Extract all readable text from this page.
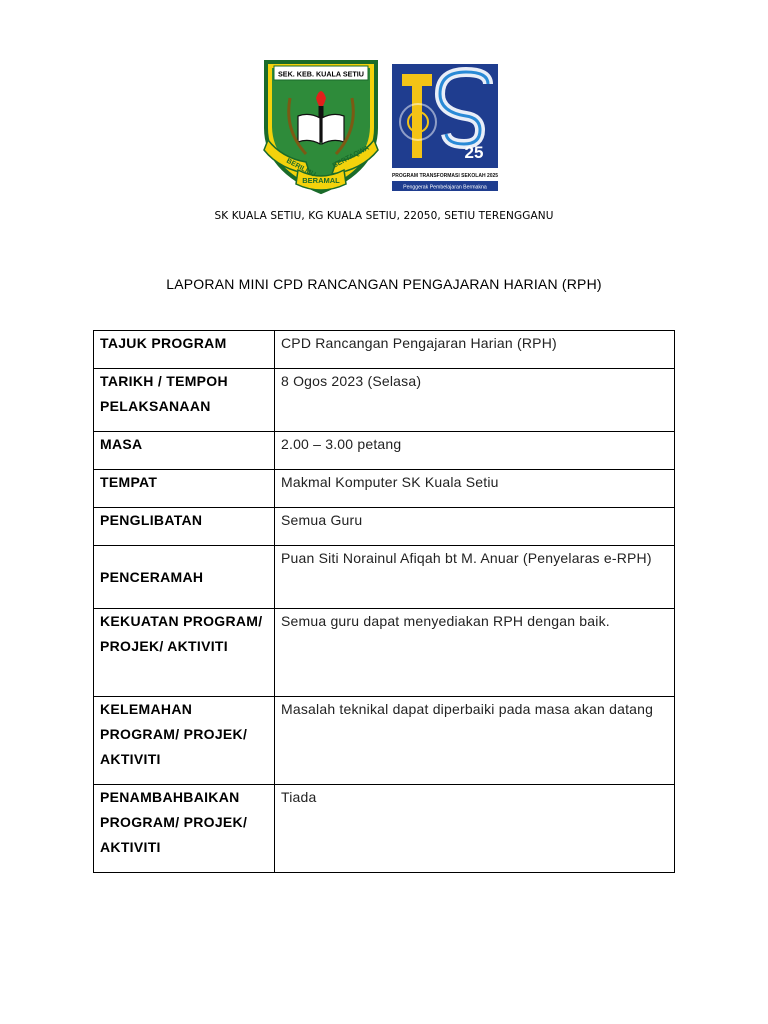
SEK. KEB. KUALA SETIU
BERILMU BERTAQWA
BERAMAL
25
PROGRAM TRANSFORMASI SEKOLAH 2025
Penggerak Pembelajaran Bermakna
SK KUALA SETIU, KG KUALA SETIU, 22050, SETIU TERENGGANU
LAPORAN MINI CPD RANCANGAN PENGAJARAN HARIAN (RPH)
TAJUK PROGRAM	CPD Rancangan Pengajaran Harian (RPH)
TARIKH / TEMPOH PELAKSANAAN	8 Ogos 2023 (Selasa)
MASA	2.00 – 3.00 petang
TEMPAT	Makmal Komputer SK Kuala Setiu
PENGLIBATAN	Semua Guru
PENCERAMAH	Puan Siti Norainul Afiqah bt M. Anuar (Penyelaras e-RPH)
KEKUATAN PROGRAM/ PROJEK/ AKTIVITI	Semua guru dapat menyediakan RPH dengan baik.
KELEMAHAN PROGRAM/ PROJEK/ AKTIVITI	Masalah teknikal dapat diperbaiki pada masa akan datang
PENAMBAHBAIKAN PROGRAM/ PROJEK/ AKTIVITI	Tiada
